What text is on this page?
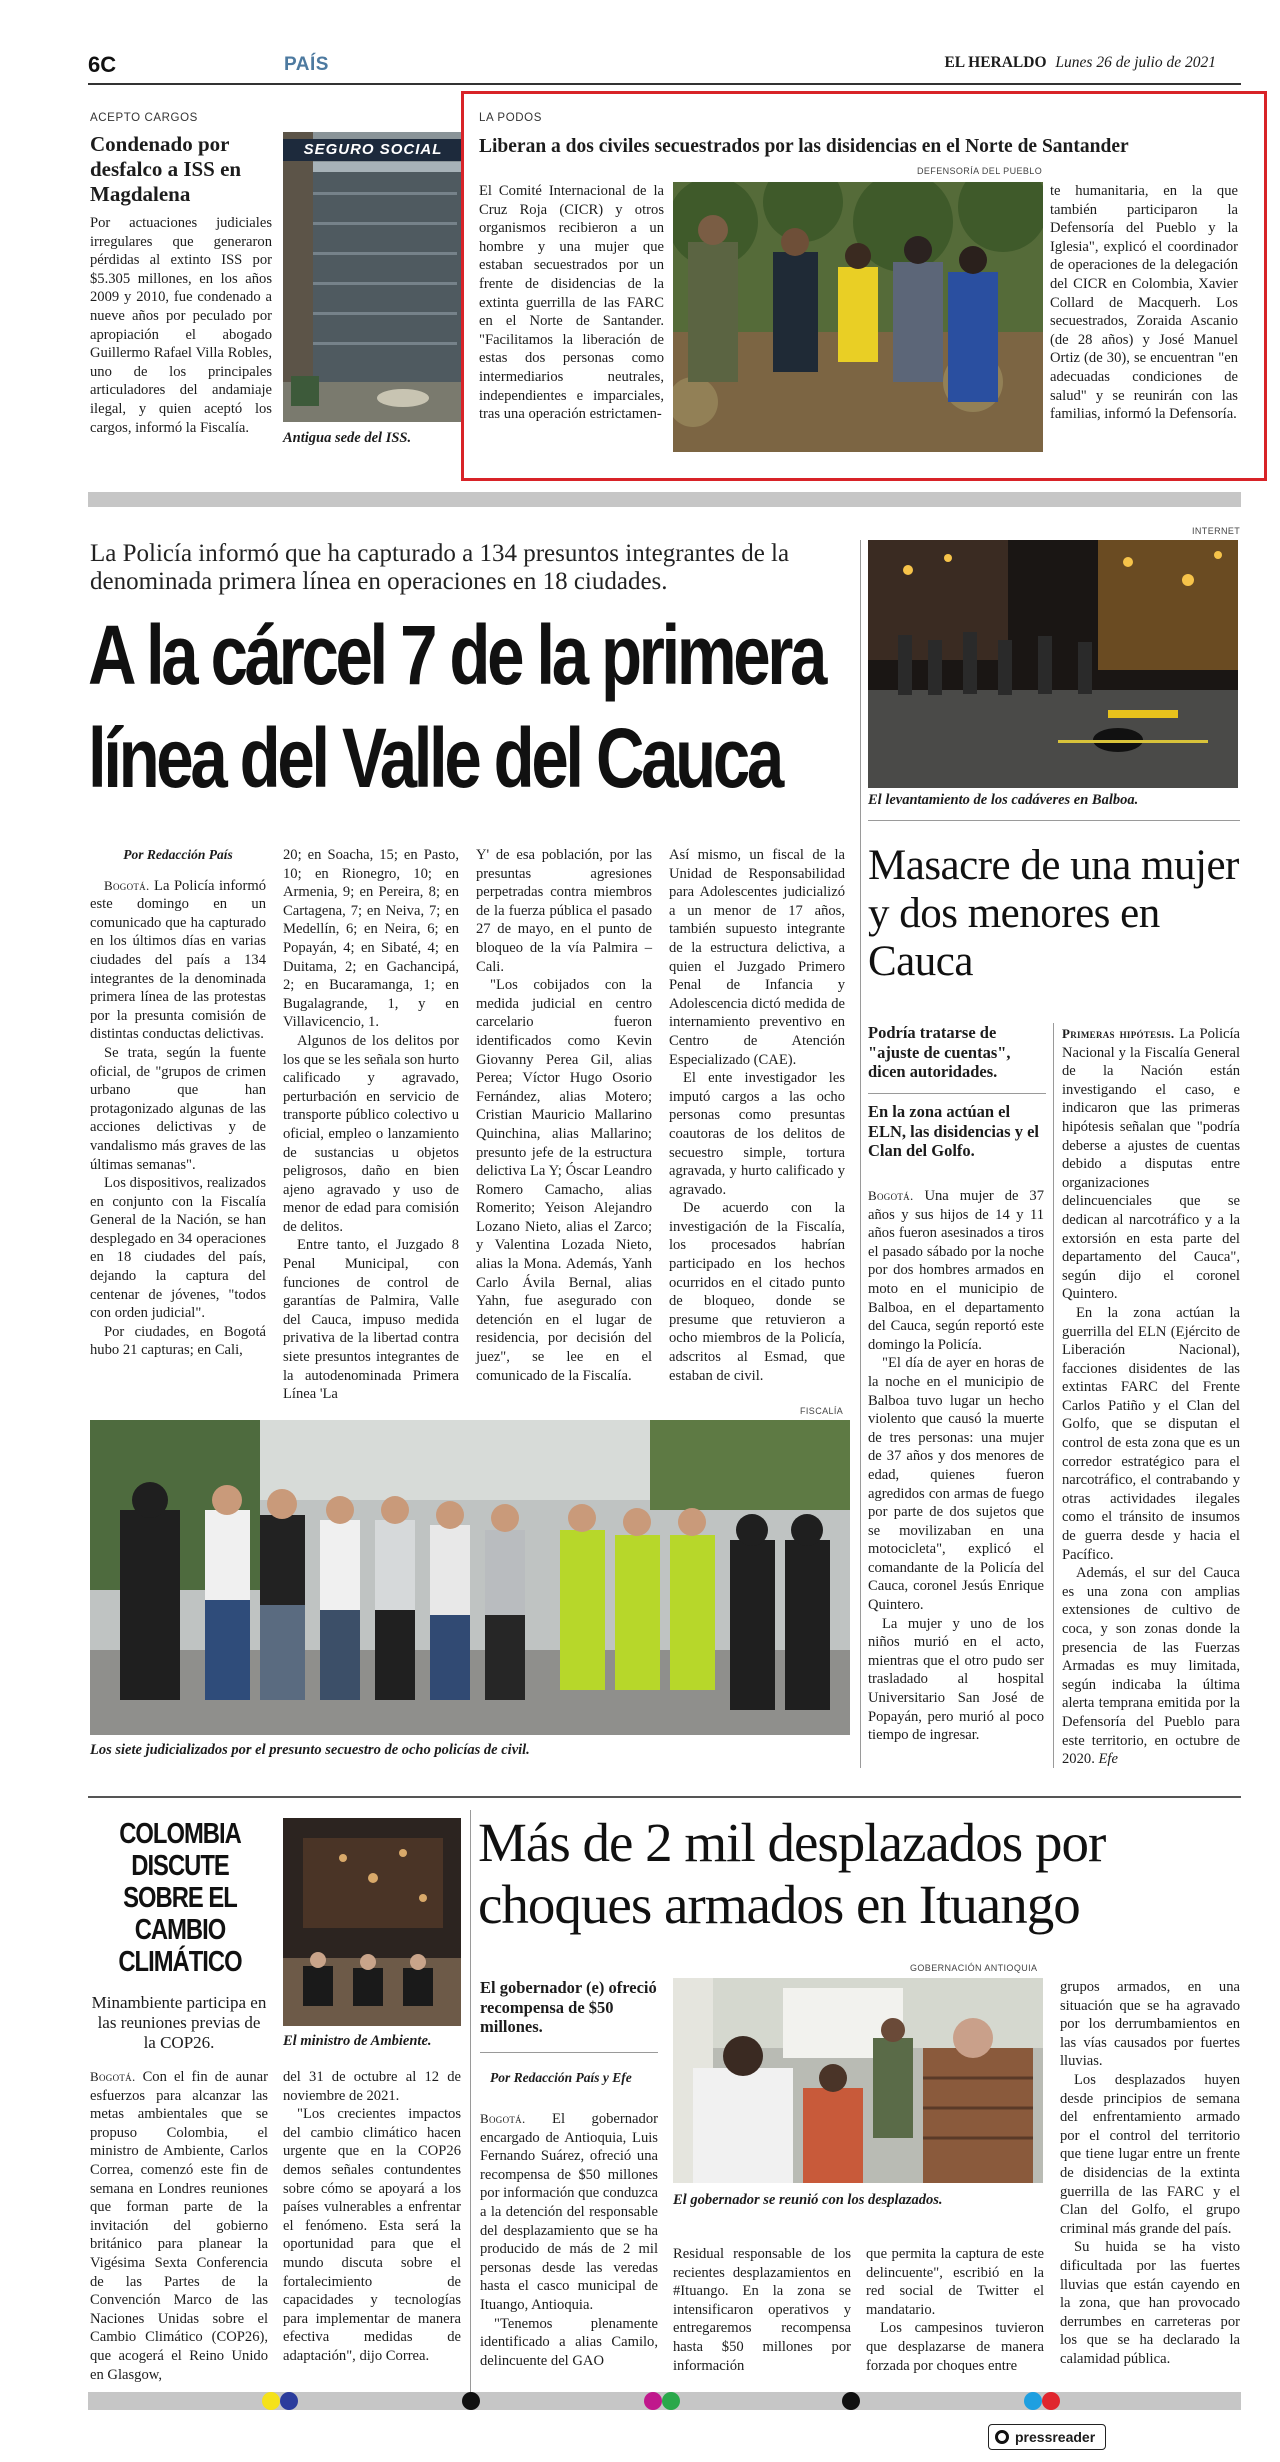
6C	PAÍS	EL HERALDO Lunes 26 de julio de 2021
ACEPTO CARGOS
Condenado por desfalco a ISS en Magdalena
Por actuaciones judiciales irregulares que generaron pérdidas al extinto ISS por $5.305 millones, en los años 2009 y 2010, fue condenado a nueve años por peculado por apropiación el abogado Guillermo Rafael Villa Robles, uno de los principales articuladores del andamiaje ilegal, y quien aceptó los cargos, informó la Fiscalía.
SEGURO SOCIAL
Antigua sede del ISS.
LA PODOS
Liberan a dos civiles secuestrados por las disidencias en el Norte de Santander
DEFENSORÍA DEL PUEBLO
El Comité Internacional de la Cruz Roja (CICR) y otros organismos recibieron a un hombre y una mujer que estaban secuestrados por un frente de disidencias de la extinta guerrilla de las FARC en el Norte de Santander. "Facilitamos la liberación de estas dos personas como intermediarios neutrales, independientes e imparciales, tras una operación estrictamen-
te humanitaria, en la que también participaron la Defensoría del Pueblo y la Iglesia", explicó el coordinador de operaciones de la delegación del CICR en Colombia, Xavier Collard de Macquerh. Los secuestrados, Zoraida Ascanio (de 28 años) y José Manuel Ortiz (de 30), se encuentran "en adecuadas condiciones de salud" y se reunirán con las familias, informó la Defensoría.
La Policía informó que ha capturado a 134 presuntos integrantes de la denominada primera línea en operaciones en 18 ciudades.
A la cárcel 7 de la primera
línea del Valle del Cauca

Por Redacción País

Bogotá. La Policía informó este domingo en un comunicado que ha capturado en los últimos días en varias ciudades del país a 134 integrantes de la denominada primera línea de las protestas por la presunta comisión de distintas conductas delictivas.

Se trata, según la fuente oficial, de "grupos de crimen urbano que han protagonizado algunas de las acciones delictivas y de vandalismo más graves de las últimas semanas".

Los dispositivos, realizados en conjunto con la Fiscalía General de la Nación, se han desplegado en 34 operaciones en 18 ciudades del país, dejando la captura del centenar de jóvenes, "todos con orden judicial".

Por ciudades, en Bogotá hubo 21 capturas; en Cali,

20; en Soacha, 15; en Pasto, 10; en Rionegro, 10; en Armenia, 9; en Pereira, 8; en Cartagena, 7; en Neiva, 7; en Medellín, 6; en Neira, 6; en Popayán, 4; en Sibaté, 4; en Duitama, 2; en Gachancipá, 2; en Bucaramanga, 1; en Bugalagrande, 1, y en Villavicencio, 1.

Algunos de los delitos por los que se les señala son hurto calificado y agravado, perturbación en servicio de transporte público colectivo u oficial, empleo o lanzamiento de sustancias u objetos peligrosos, daño en bien ajeno agravado y uso de menor de edad para comisión de delitos.

Entre tanto, el Juzgado 8 Penal Municipal, con funciones de control de garantías de Palmira, Valle del Cauca, impuso medida privativa de la libertad contra siete presuntos integrantes de la autodenominada Primera Línea 'La

Y' de esa población, por las presuntas agresiones perpetradas contra miembros de la fuerza pública el pasado 27 de mayo, en el punto de bloqueo de la vía Palmira – Cali.

"Los cobijados con la medida judicial en centro carcelario fueron identificados como Kevin Giovanny Perea Gil, alias Perea; Víctor Hugo Osorio Fernández, alias Motero; Cristian Mauricio Mallarino Quinchina, alias Mallarino; presunto jefe de la estructura delictiva La Y; Óscar Leandro Romero Camacho, alias Romerito; Yeison Alejandro Lozano Nieto, alias el Zarco; y Valentina Lozada Nieto, alias la Mona. Además, Yanh Carlo Ávila Bernal, alias Yahn, fue asegurado con detención en el lugar de residencia, por decisión del juez", se lee en el comunicado de la Fiscalía.

Así mismo, un fiscal de la Unidad de Responsabilidad para Adolescentes judicializó a un menor de 17 años, también supuesto integrante de la estructura delictiva, a quien el Juzgado Primero Penal de Infancia y Adolescencia dictó medida de internamiento preventivo en Centro de Atención Especializado (CAE).

El ente investigador les imputó cargos a las ocho personas como presuntas coautoras de los delitos de secuestro simple, tortura agravada, y hurto calificado y agravado.

De acuerdo con la investigación de la Fiscalía, los procesados habrían participado en los hechos ocurridos en el citado punto de bloqueo, donde se presume que retuvieron a ocho miembros de la Policía, adscritos al Esmad, que estaban de civil.

FISCALÍA
Los siete judicializados por el presunto secuestro de ocho policías de civil.
INTERNET
El levantamiento de los cadáveres en Balboa.
Masacre de una mujer y dos menores en Cauca
Podría tratarse de "ajuste de cuentas", dicen autoridades.
En la zona actúan el ELN, las disidencias y el Clan del Golfo.

Bogotá. Una mujer de 37 años y sus hijos de 14 y 11 años fueron asesinados a tiros el pasado sábado por la noche por dos hombres armados en moto en el municipio de Balboa, en el departamento del Cauca, según reportó este domingo la Policía.

"El día de ayer en horas de la noche en el municipio de Balboa tuvo lugar un hecho violento que causó la muerte de tres personas: una mujer de 37 años y dos menores de edad, quienes fueron agredidos con armas de fuego por parte de dos sujetos que se movilizaban en una motocicleta", explicó el comandante de la Policía del Cauca, coronel Jesús Enrique Quintero.

La mujer y uno de los niños murió en el acto, mientras que el otro pudo ser trasladado al hospital Universitario San José de Popayán, pero murió al poco tiempo de ingresar.

Primeras hipótesis. La Policía Nacional y la Fiscalía General de la Nación están investigando el caso, e indicaron que las primeras hipótesis señalan que "podría deberse a ajustes de cuentas debido a disputas entre organizaciones delincuenciales que se dedican al narcotráfico y a la extorsión en esta parte del departamento del Cauca", según dijo el coronel Quintero.

En la zona actúan la guerrilla del ELN (Ejército de Liberación Nacional), facciones disidentes de las extintas FARC del Frente Carlos Patiño y el Clan del Golfo, que se disputan el control de esta zona que es un corredor estratégico para el narcotráfico, el contrabando y otras actividades ilegales como el tránsito de insumos de guerra desde y hacia el Pacífico.

Además, el sur del Cauca es una zona con amplias extensiones de cultivo de coca, y son zonas donde la presencia de las Fuerzas Armadas es muy limitada, según indicaba la última alerta temprana emitida por la Defensoría del Pueblo para este territorio, en octubre de 2020. Efe

COLOMBIA DISCUTE SOBRE EL CAMBIO CLIMÁTICO
Minambiente participa en las reuniones previas de la COP26.	El ministro de Ambiente.

Bogotá. Con el fin de aunar esfuerzos para alcanzar las metas ambientales que se propuso Colombia, el ministro de Ambiente, Carlos Correa, comenzó este fin de semana en Londres reuniones que forman parte de la invitación del gobierno británico para planear la Vigésima Sexta Conferencia de las Partes de la Convención Marco de las Naciones Unidas sobre el Cambio Climático (COP26), que acogerá el Reino Unido en Glasgow,

del 31 de octubre al 12 de noviembre de 2021.

"Los crecientes impactos del cambio climático hacen urgente que en la COP26 demos señales contundentes sobre cómo se apoyará a los países vulnerables a enfrentar el fenómeno. Esta será la oportunidad para que el mundo discuta sobre el fortalecimiento de capacidades y tecnologías para implementar de manera efectiva medidas de adaptación", dijo Correa.

Más de 2 mil desplazados por choques armados en Ituango
GOBERNACIÓN ANTIOQUIA
El gobernador (e) ofreció recompensa de $50 millones.
Por Redacción País y Efe
El gobernador se reunió con los desplazados.

Bogotá. El gobernador encargado de Antioquia, Luis Fernando Suárez, ofreció una recompensa de $50 millones por información que conduzca a la detención del responsable del desplazamiento que se ha producido de más de 2 mil personas desde las veredas hasta el casco municipal de Ituango, Antioquia.

"Tenemos plenamente identificado a alias Camilo, delincuente del GAO

Residual responsable de los recientes desplazamientos en #Ituango. En la zona se intensificaron operativos y entregaremos recompensa hasta $50 millones por información

que permita la captura de este delincuente", escribió en la red social de Twitter el mandatario.

Los campesinos tuvieron que desplazarse de manera forzada por choques entre

grupos armados, en una situación que se ha agravado por los derrumbamientos en las vías causados por fuertes lluvias.

Los desplazados huyen desde principios de semana del enfrentamiento armado por el control del territorio que tiene lugar entre un frente de disidencias de la extinta guerrilla de las FARC y el Clan del Golfo, el grupo criminal más grande del país.

Su huida se ha visto dificultada por las fuertes lluvias que están cayendo en la zona, que han provocado derrumbes en carreteras por los que se ha declarado la calamidad pública.

pressreader
